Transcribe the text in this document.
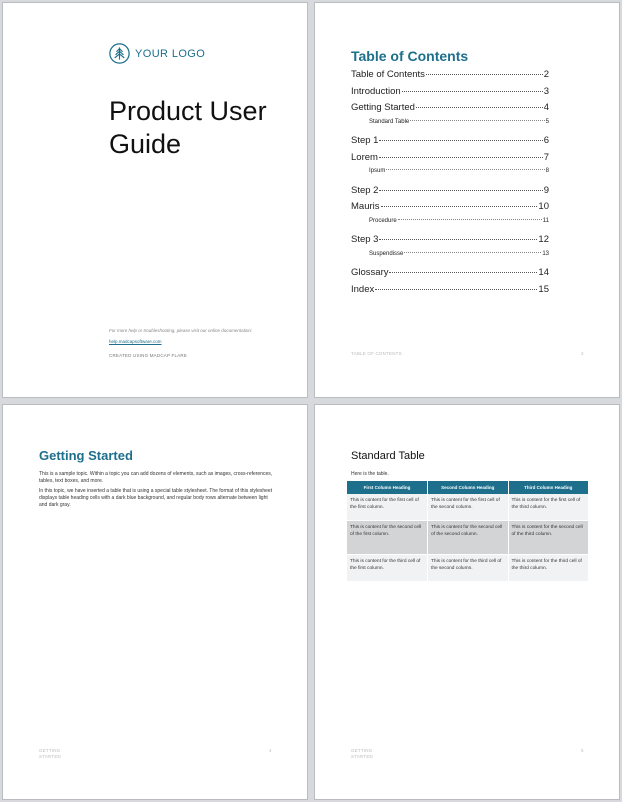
YOUR LOGO
Product User Guide
For more help or troubleshooting, please visit our online documentation:
help.madcapsoftware.com
CREATED USING MADCAP FLARE
Table of Contents
Table of Contents	2
Introduction	3
Getting Started	4
Standard Table	5
Step 1	6
Lorem	7
Ipsum	8
Step 2	9
Mauris	10
Procedure	11
Step 3	12
Suspendisse	13
Glossary	14
Index	15
TABLE OF CONTENTS	2
Getting Started

This is a sample topic. Within a topic you can add dozens of elements, such as images, cross-references, tables, text boxes, and more.

In this topic, we have inserted a table that is using a special table stylesheet. The format of this stylesheet displays table heading cells with a dark blue background, and regular body rows alternate between light and dark gray.

GETTING
STARTED
4
Standard Table
Here is the table.
First Column Heading	Second Column Heading	Third Column Heading
This is content for the first cell of the first column.	This is content for the first cell of the second column.	This is content for the first cell of the third column.
This is content for the second cell of the first column.	This is content for the second cell of the second column.	This is content for the second cell of the third column.
This is content for the third cell of the first column.	This is content for the third cell of the second column.	This is content for the third cell of the third column.
GETTING
STARTED
5
